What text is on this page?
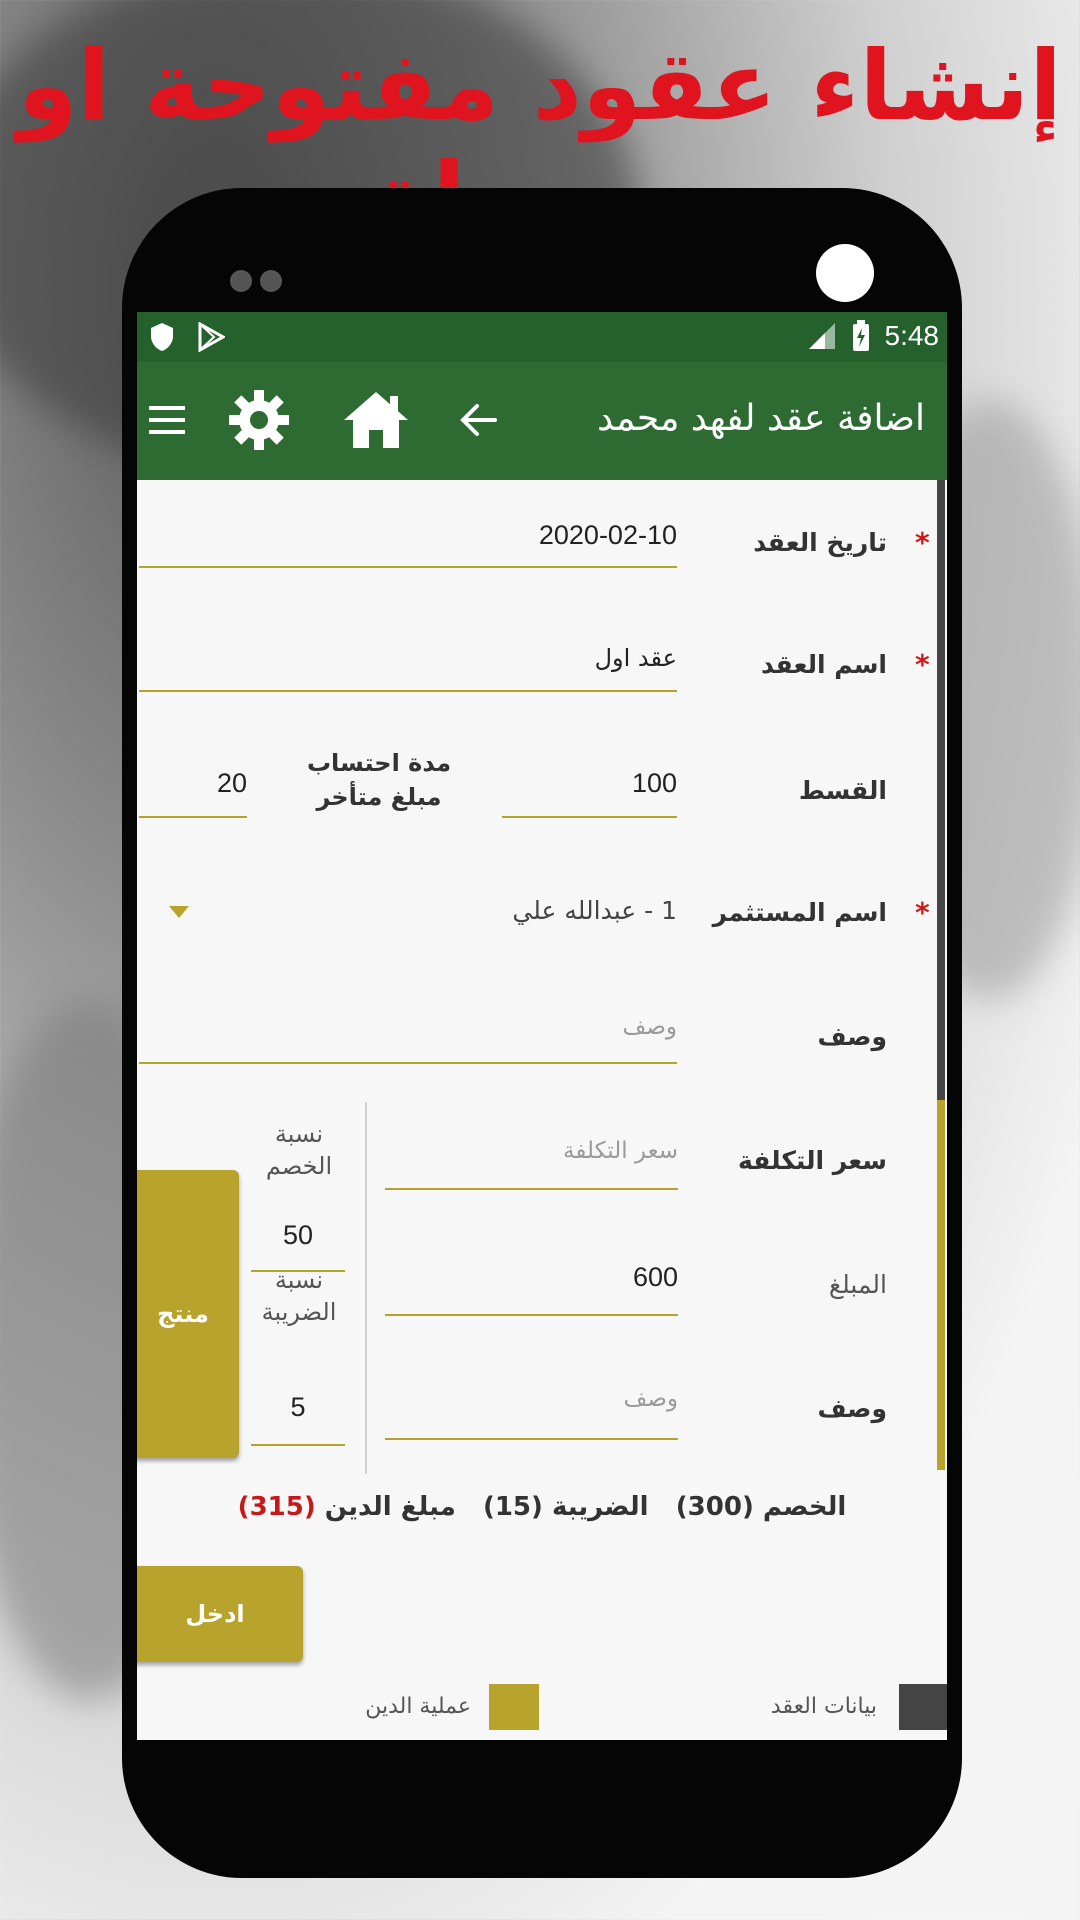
إنشاء عقود مفتوحة او
5:48
اضافة عقد لفهد محمد
*
تاريخ العقد
2020-02-10
*
اسم العقد
عقد اول
القسط
100
مدة احتساب مبلغ متأخر
20
*
اسم المستثمر
1 - عبدالله علي
وصف
وصف
سعر التكلفة
سعر التكلفة
المبلغ
600
وصف
وصف
نسبة الخصم
50
نسبة الضريبة
5
منتج
الخصم (300)   الضريبة (15)   مبلغ الدين (315)
ادخل
بيانات العقد
عملية الدين
